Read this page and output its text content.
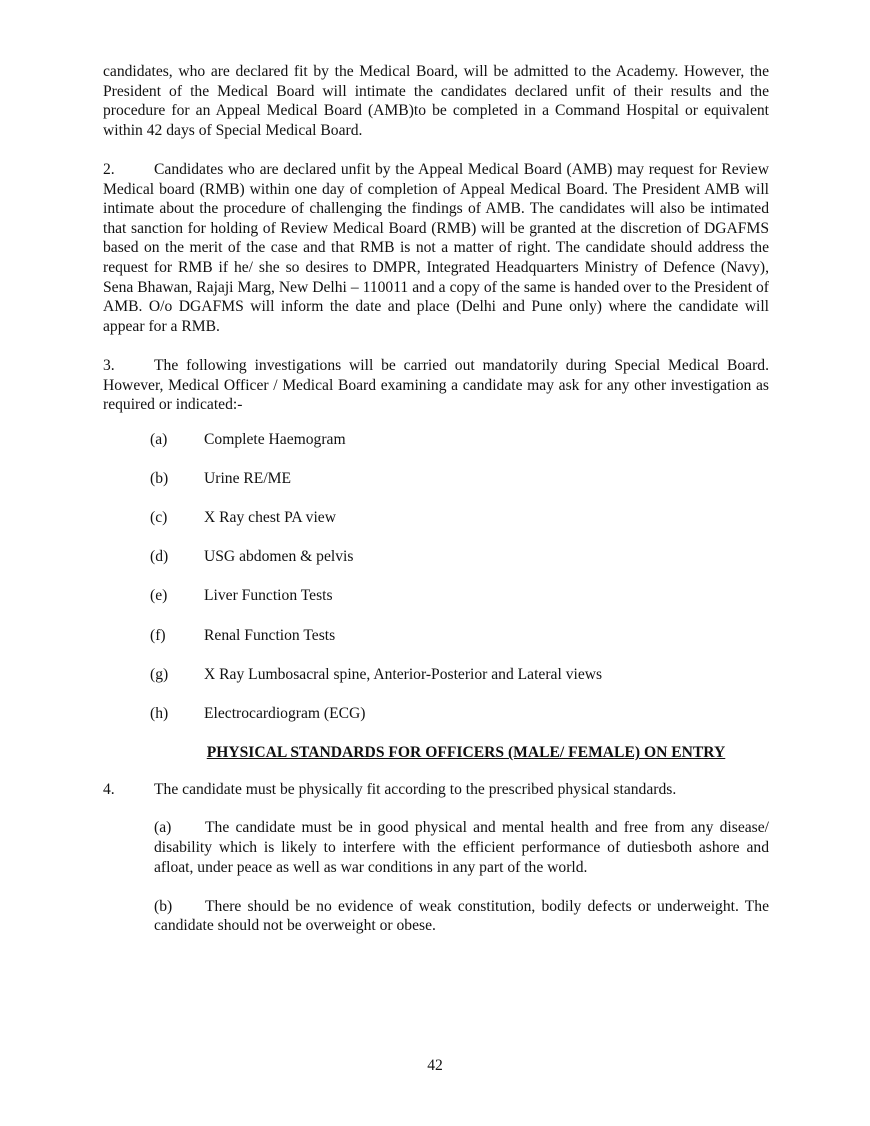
candidates, who are declared fit by the Medical Board, will be admitted to the Academy. However, the President of the Medical Board will intimate the candidates declared unfit of their results and the procedure for an Appeal Medical Board (AMB)to be completed in a Command Hospital or equivalent within 42 days of Special Medical Board.

2.	Candidates who are declared unfit by the Appeal Medical Board (AMB) may request for Review Medical board (RMB) within one day of completion of Appeal Medical Board. The President AMB will intimate about the procedure of challenging the findings of AMB. The candidates will also be intimated that sanction for holding of Review Medical Board (RMB) will be granted at the discretion of DGAFMS based on the merit of the case and that RMB is not a matter of right. The candidate should address the request for RMB if he/ she so desires to DMPR, Integrated Headquarters Ministry of Defence (Navy), Sena Bhawan, Rajaji Marg, New Delhi – 110011 and a copy of the same is handed over to the President of AMB. O/o DGAFMS will inform the date and place (Delhi and Pune only) where the candidate will appear for a RMB.

3.	The following investigations will be carried out mandatorily during Special Medical Board. However, Medical Officer / Medical Board examining a candidate may ask for any other investigation as required or indicated:-

(a) Complete Haemogram
(b) Urine RE/ME
(c) X Ray chest PA view
(d) USG abdomen & pelvis
(e) Liver Function Tests
(f) Renal Function Tests
(g) X Ray Lumbosacral spine, Anterior-Posterior and Lateral views
(h) Electrocardiogram (ECG)
PHYSICAL STANDARDS FOR OFFICERS (MALE/ FEMALE) ON ENTRY

4.	The candidate must be physically fit according to the prescribed physical standards.

(a) The candidate must be in good physical and mental health and free from any disease/ disability which is likely to interfere with the efficient performance of dutiesboth ashore and afloat, under peace as well as war conditions in any part of the world.

(b) There should be no evidence of weak constitution, bodily defects or underweight. The candidate should not be overweight or obese.

42
